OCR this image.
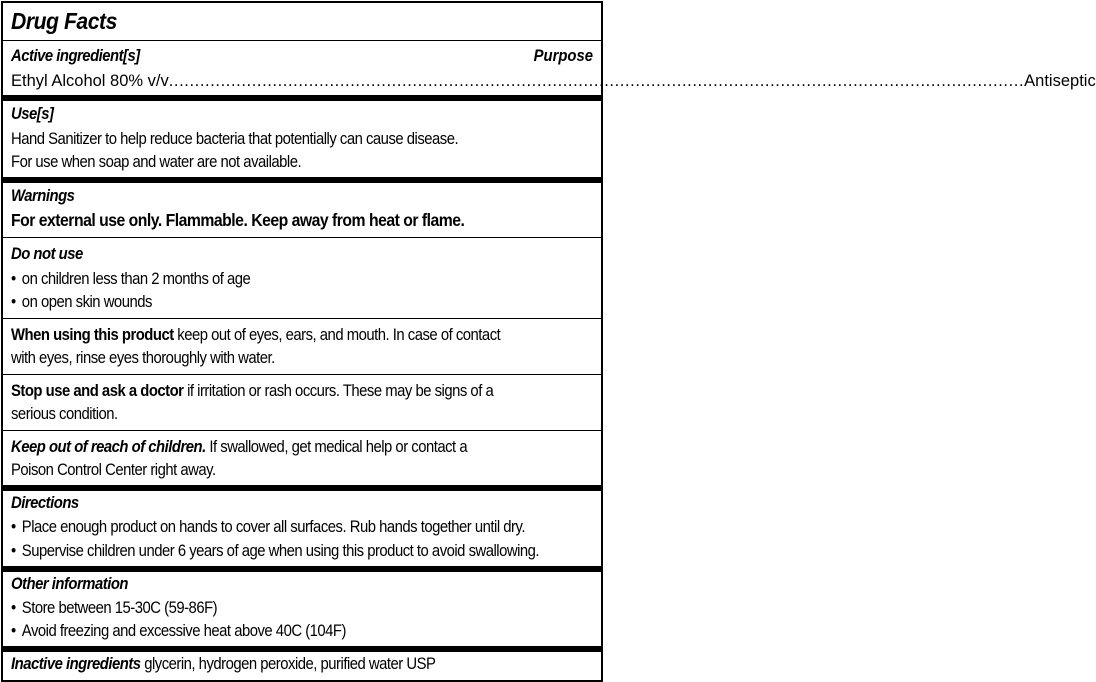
Drug Facts
Active ingredient[s]	Purpose
Ethyl Alcohol 80% v/v ..................................................................................................................................................................... Antiseptic
Use[s]
Hand Sanitizer to help reduce bacteria that potentially can cause disease.
For use when soap and water are not available.
Warnings
For external use only. Flammable. Keep away from heat or flame.
Do not use
• on children less than 2 months of age
• on open skin wounds
When using this product keep out of eyes, ears, and mouth. In case of contact
with eyes, rinse eyes thoroughly with water.
Stop use and ask a doctor if irritation or rash occurs. These may be signs of a
serious condition.
Keep out of reach of children. If swallowed, get medical help or contact a
Poison Control Center right away.
Directions
• Place enough product on hands to cover all surfaces. Rub hands together until dry.
• Supervise children under 6 years of age when using this product to avoid swallowing.
Other information
• Store between 15-30C (59-86F)
• Avoid freezing and excessive heat above 40C (104F)
Inactive ingredients glycerin, hydrogen peroxide, purified water USP
